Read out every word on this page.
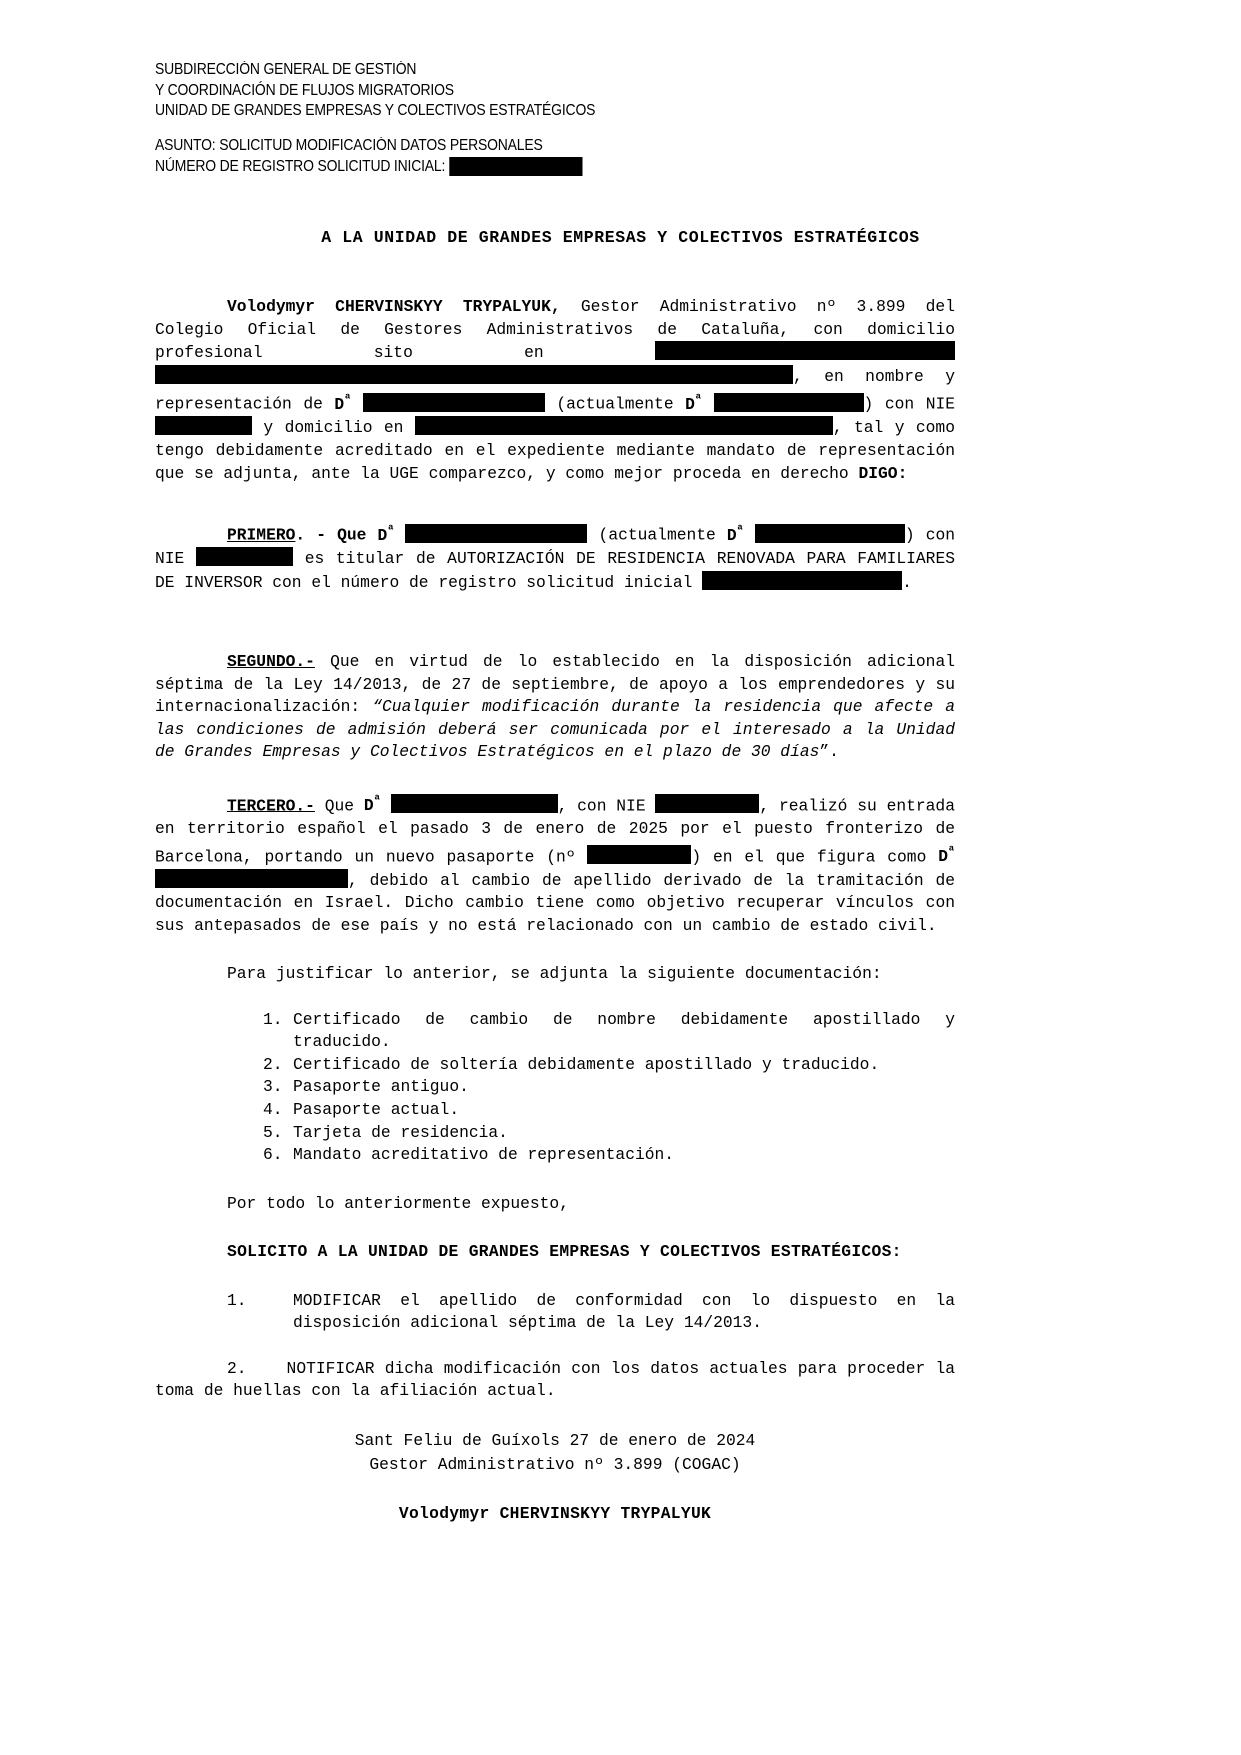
SUBDIRECCIÓN GENERAL DE GESTIÓN
Y COORDINACIÓN DE FLUJOS MIGRATORIOS
UNIDAD DE GRANDES EMPRESAS Y COLECTIVOS ESTRATÉGICOS
ASUNTO: SOLICITUD MODIFICACIÓN DATOS PERSONALES
NÚMERO DE REGISTRO SOLICITUD INICIAL:
A LA UNIDAD DE GRANDES EMPRESAS Y COLECTIVOS ESTRATÉGICOS

Volodymyr CHERVINSKYY TRYPALYUK, Gestor Administrativo nº 3.899 del Colegio Oficial de Gestores Administrativos de Cataluña, con domicilio profesional sito en  , en nombre y representación de $D^ª$	(actualmente $D^ª$	) con NIE  y domicilio en	, tal y como tengo debidamente acreditado en el expediente mediante mandato de representación que se adjunta, ante la UGE comparezco, y como mejor proceda en derecho DIGO:

PRIMERO. - Que $D^ª$	(actualmente $D^ª$	) con NIE	es titular de AUTORIZACIÓN DE RESIDENCIA RENOVADA PARA FAMILIARES DE INVERSOR con el número de registro solicitud inicial	.

SEGUNDO.- Que en virtud de lo establecido en la disposición adicional séptima de la Ley 14/2013, de 27 de septiembre, de apoyo a los emprendedores y su internacionalización: “Cualquier modificación durante la residencia que afecte a las condiciones de admisión deberá ser comunicada por el interesado a la Unidad de Grandes Empresas y Colectivos Estratégicos en el plazo de 30 días”.

TERCERO.- Que $D^ª$	, con NIE	, realizó su entrada en territorio español el pasado 3 de enero de 2025 por el puesto fronterizo de Barcelona, portando un nuevo pasaporte (nº	) en el que figura como $D^ª$ , debido al cambio de apellido derivado de la tramitación de documentación en Israel. Dicho cambio tiene como objetivo recuperar vínculos con sus antepasados de ese país y no está relacionado con un cambio de estado civil.

Para justificar lo anterior, se adjunta la siguiente documentación:

1. Certificado de cambio de nombre debidamente apostillado y traducido.
2. Certificado de soltería debidamente apostillado y traducido.
3. Pasaporte antiguo.
4. Pasaporte actual.
5. Tarjeta de residencia.
6. Mandato acreditativo de representación.

Por todo lo anteriormente expuesto,

SOLICITO A LA UNIDAD DE GRANDES EMPRESAS Y COLECTIVOS ESTRATÉGICOS:

1.	MODIFICAR el apellido de conformidad con lo dispuesto en la disposición adicional séptima de la Ley 14/2013.
2. NOTIFICAR dicha modificación con los datos actuales para proceder la toma de huellas con la afiliación actual.
Sant Feliu de Guíxols 27 de enero de 2024
Gestor Administrativo nº 3.899 (COGAC)
Volodymyr CHERVINSKYY TRYPALYUK
